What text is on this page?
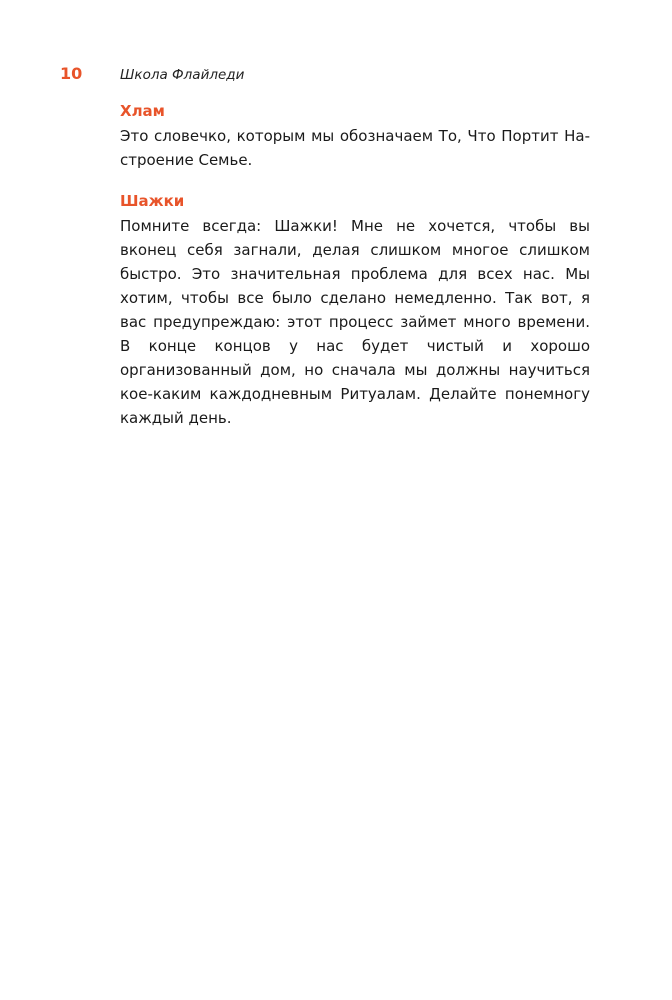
10	Школа Флайледи
Хлам

Это словечко, которым мы обозначаем То, Что Портит Настроение Семье.

Шажки

Помните всегда: Шажки! Мне не хочется, чтобы вы вконец себя загнали, делая слишком многое слишком быстро. Это значительная проблема для всех нас. Мы хотим, чтобы все было сделано немедленно. Так вот, я вас предупреждаю: этот процесс займет много времени. В конце концов у нас будет чистый и хорошо организованный дом, но сначала мы должны научиться кое-каким каждодневным Ритуалам. Делайте понемногу каждый день.
